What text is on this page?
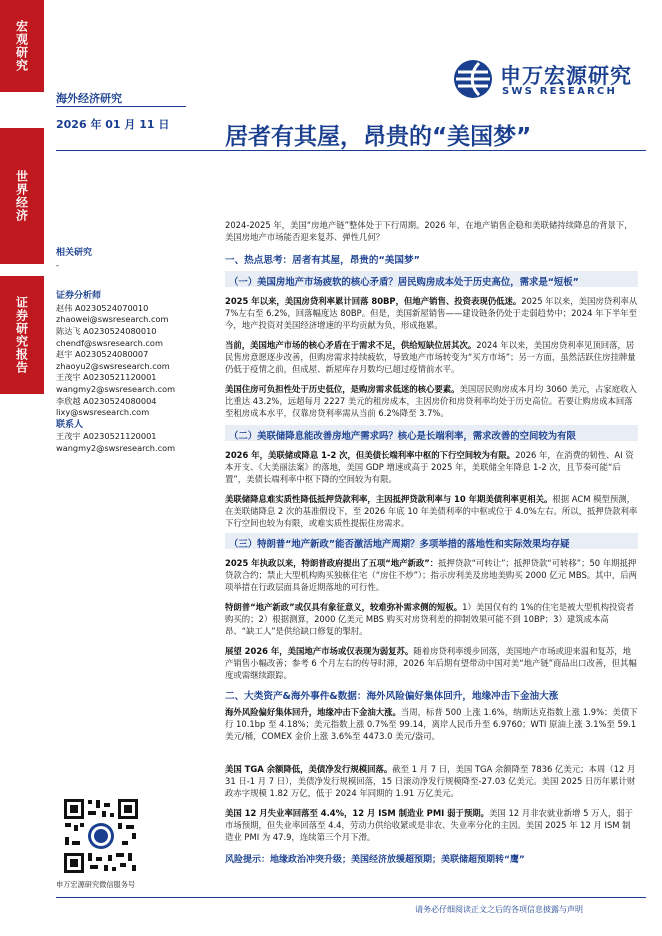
宏观研究
世界经济
证券研究报告
申万宏源研究
SWS RESEARCH
海外经济研究
2026 年 01 月 11 日 居者有其屋，昂贵的“美国梦”
相关研究
-
证券分析师
赵伟 A0230524070010
zhaowei@swsresearch.com
陈达飞 A0230524080010
chendf@swsresearch.com
赵宇 A0230524080007
zhaoyu2@swsresearch.com
王茂宇 A0230521120001
wangmy2@swsresearch.com
李欣越 A0230524080004
lixy@swsresearch.com
联系人
王茂宇 A0230521120001
wangmy2@swsresearch.com
申万宏源研究微信服务号
2024-2025 年，美国“房地产链”整体处于下行周期。2026 年，在地产销售企稳和美联储持续降息的背景下，美国房地产市场能否迎来复苏、弹性几何？
一、热点思考：居者有其屋，昂贵的“美国梦”
（一）美国房地产市场疲软的核心矛盾？居民购房成本处于历史高位，需求是“短板”
2025 年以来，美国房贷利率累计回落 80BP，但地产销售、投资表现仍低迷。2025 年以来，美国房贷利率从 7%左右至 6.2%，回落幅度达 80BP。但是，美国新屋销售——建设链条仍处于走弱趋势中；2024 年下半年至今，地产投资对美国经济增速的平均贡献为负，形成拖累。
当前，美国地产市场的核心矛盾在于需求不足，供给短缺位居其次。2024 年以来，美国房贷利率见顶回落，居民售房意愿逐步改善，但购房需求持续疲软，导致地产市场转变为“买方市场”；另一方面，虽然活跃住房挂牌量仍低于疫情之前，但成屋、新屋库存月数均已超过疫情前水平。
美国住房可负担性处于历史低位，是购房需求低迷的核心要素。美国居民购房成本月均 3060 美元，占家庭收入比重达 43.2%，远超每月 2227 美元的租房成本，主因房价和房贷利率均处于历史高位。若要让购房成本回落至租房成本水平，仅靠房贷利率需从当前 6.2%降至 3.7%。
（二）美联储降息能改善房地产需求吗？核心是长端利率，需求改善的空间较为有限
2026 年，美联储或降息 1-2 次，但美债长端利率中枢的下行空间较为有限。2026 年，在消费的韧性、AI 资本开支、《大美丽法案》的落地，美国 GDP 增速或高于 2025 年，美联储全年降息 1-2 次，且节奏可能“后置”，美债长端利率中枢下降的空间较为有限。
美联储降息难实质性降低抵押贷款利率，主因抵押贷款利率与 10 年期美债利率更相关。根据 ACM 模型预测，在美联储降息 2 次的基准假设下，至 2026 年底 10 年美债利率的中枢或位于 4.0%左右。所以，抵押贷款利率下行空间也较为有限，或难实质性提振住房需求。
（三）特朗普“地产新政”能否激活地产周期？多项举措的落地性和实际效果均存疑
2025 年执政以来，特朗普政府提出了五项“地产新政”：抵押贷款“可转让”；抵押贷款“可转移”；50 年期抵押贷款合约；禁止大型机构购买独栋住宅（“房住不炒”）；指示房利美及房地美购买 2000 亿元 MBS。其中，后两项举措在行政层面具备近期落地的可行性。
特朗普“地产新政”或仅具有象征意义，较难弥补需求侧的短板。1）美国仅有约 1%的住宅是被大型机构投资者购买的；2）根据测算，2000 亿美元 MBS 购买对房贷利差的抑制效果可能不到 10BP；3）建筑成本高昂、“缺工人”是供给缺口修复的掣肘。
展望 2026 年，美国地产市场或仅表现为弱复苏。随着房贷利率缓步回落，美国地产市场或迎来温和复苏，地产销售小幅改善；参考 6 个月左右的传导时滞，2026 年后期有望带动中国对美“地产链”商品出口改善，但其幅度或需继续跟踪。
二、大类资产&海外事件&数据：海外风险偏好集体回升，地缘冲击下金油大涨
海外风险偏好集体回升，地缘冲击下金油大涨。当周，标普 500 上涨 1.6%，纳斯达克指数上涨 1.9%；美债下行 10.1bp 至 4.18%；美元指数上涨 0.7%至 99.14，离岸人民币升至 6.9760；WTI 原油上涨 3.1%至 59.1 美元/桶，COMEX 金价上涨 3.6%至 4473.0 美元/盎司。
美国 TGA 余额降低，美债净发行规模回落。截至 1 月 7 日，美国 TGA 余额降至 7836 亿美元；本周（12 月 31 日-1 月 7 日），美债净发行规模回落，15 日滚动净发行规模降至-27.03 亿美元。美国 2025 日历年累计财政赤字规模 1.82 万亿，低于 2024 年同期的 1.91 万亿美元。
美国 12 月失业率回落至 4.4%，12 月 ISM 制造业 PMI 弱于预期。美国 12 月非农就业新增 5 万人，弱于市场预期，但失业率回落至 4.4，劳动力供给收紧或是非农、失业率分化的主因。美国 2025 年 12 月 ISM 制造业 PMI 为 47.9，连续第三个月下滑。
风险提示：地缘政治冲突升级；美国经济放缓超预期；美联储超预期转“鹰”
请务必仔细阅读正文之后的各项信息披露与声明
